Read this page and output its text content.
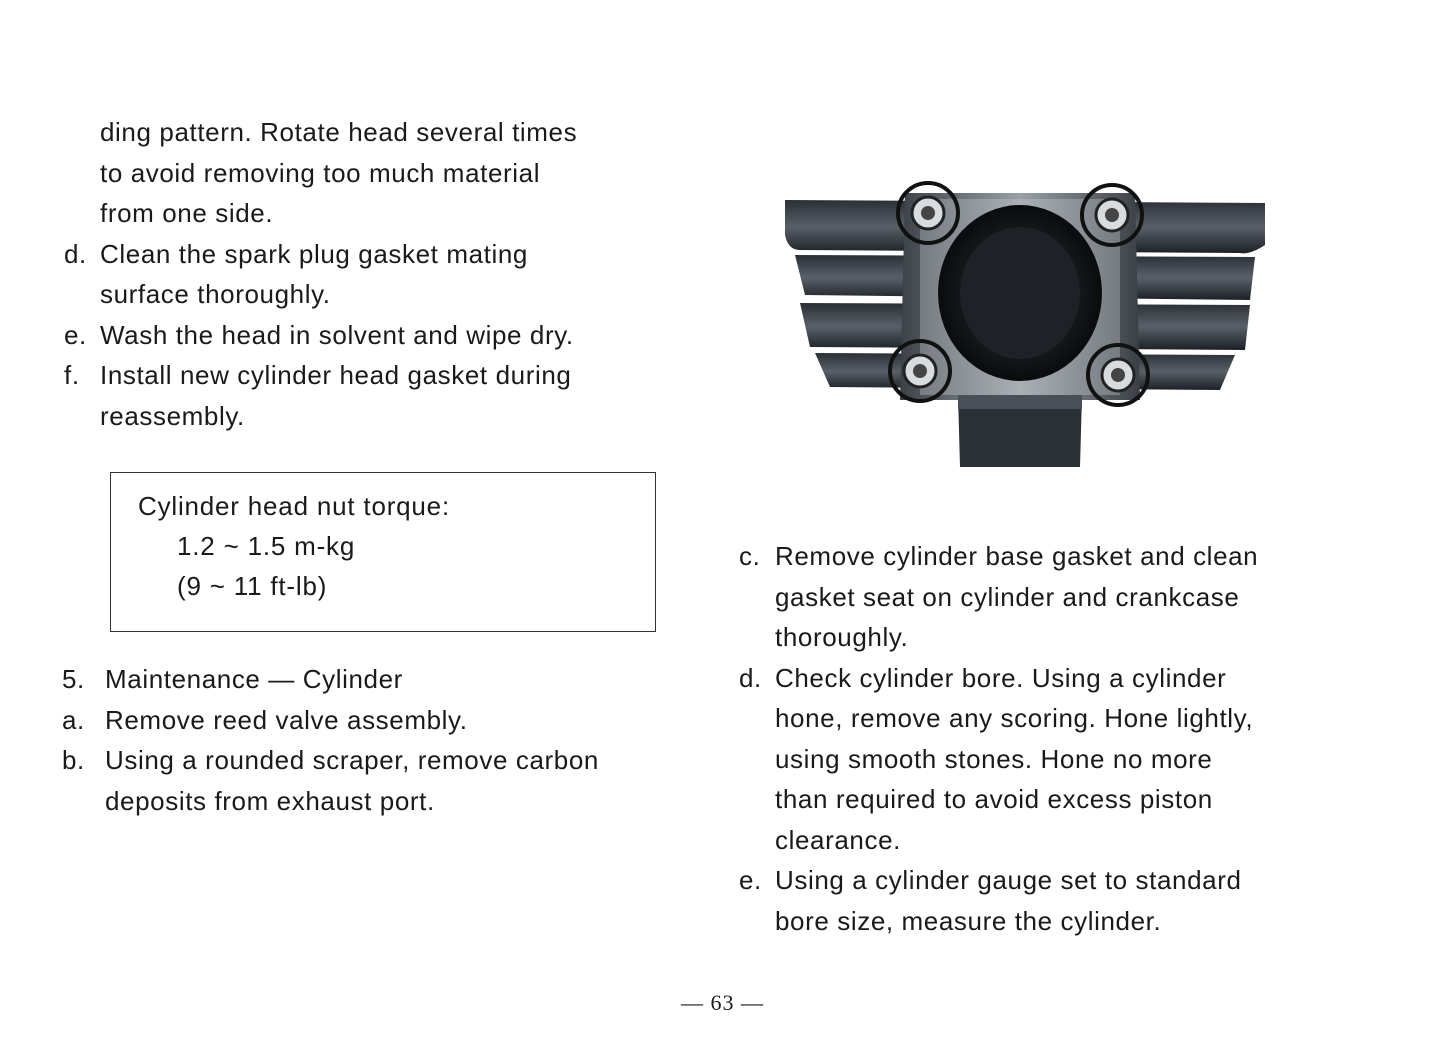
ding pattern. Rotate head several times
to avoid removing too much material
from one side.
d. Clean the spark plug gasket mating
surface thoroughly.
e. Wash the head in solvent and wipe dry.
f. Install new cylinder head gasket during
reassembly.
Cylinder head nut torque:
1.2 ~ 1.5 m-kg
(9 ~ 11 ft-lb)
5. Maintenance — Cylinder
a. Remove reed valve assembly.
b. Using a rounded scraper, remove carbon
deposits from exhaust port.
c. Remove cylinder base gasket and clean
gasket seat on cylinder and crankcase
thoroughly.
d. Check cylinder bore. Using a cylinder
hone, remove any scoring. Hone lightly,
using smooth stones. Hone no more
than required to avoid excess piston
clearance.
e. Using a cylinder gauge set to standard
bore size, measure the cylinder.
— 63 —
